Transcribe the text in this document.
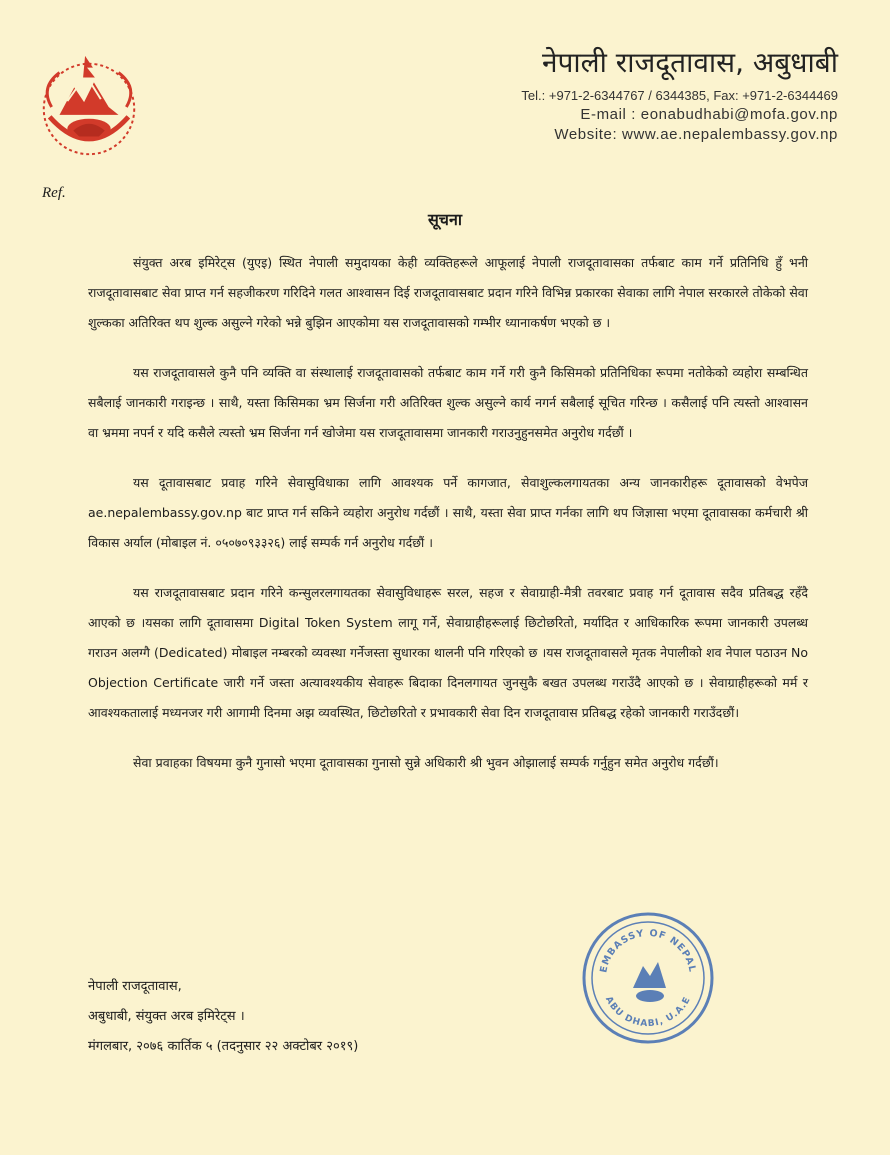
नेपाली राजदूतावास, अबुधाबी
Tel.: +971-2-6344767 / 6344385, Fax: +971-2-6344469
E-mail : eonabudhabi@mofa.gov.np
Website: www.ae.nepalembassy.gov.np
Ref.
सूचना

संयुक्त अरब इमिरेट्स (युएइ) स्थित नेपाली समुदायका केही व्यक्तिहरूले आफूलाई नेपाली राजदूतावासका तर्फबाट काम गर्ने प्रतिनिधि हुँ भनी राजदूतावासबाट सेवा प्राप्त गर्न सहजीकरण गरिदिने गलत आश्वासन दिई राजदूतावासबाट प्रदान गरिने विभिन्न प्रकारका सेवाका लागि नेपाल सरकारले तोकेको सेवा शुल्कका अतिरिक्त थप शुल्क असुल्ने गरेको भन्ने बुझिन आएकोमा यस राजदूतावासको गम्भीर ध्यानाकर्षण भएको छ ।

यस राजदूतावासले कुनै पनि व्यक्ति वा संस्थालाई राजदूतावासको तर्फबाट काम गर्ने गरी कुनै किसिमको प्रतिनिधिका रूपमा नतोकेको व्यहोरा सम्बन्धित सबैलाई जानकारी गराइन्छ । साथै, यस्ता किसिमका भ्रम सिर्जना गरी अतिरिक्त शुल्क असुल्ने कार्य नगर्न सबैलाई सूचित गरिन्छ । कसैलाई पनि त्यस्तो आश्वासन वा भ्रममा नपर्न र यदि कसैले त्यस्तो भ्रम सिर्जना गर्न खोजेमा यस राजदूतावासमा जानकारी गराउनुहुनसमेत अनुरोध गर्दछौं ।

यस दूतावासबाट प्रवाह गरिने सेवासुविधाका लागि आवश्यक पर्ने कागजात, सेवाशुल्कलगायतका अन्य जानकारीहरू दूतावासको वेभपेज ae.nepalembassy.gov.np बाट प्राप्त गर्न सकिने व्यहोरा अनुरोध गर्दछौं । साथै, यस्ता सेवा प्राप्त गर्नका लागि थप जिज्ञासा भएमा दूतावासका कर्मचारी श्री विकास अर्याल (मोबाइल नं. ०५०७०९३३२६) लाई सम्पर्क गर्न अनुरोध गर्दछौं ।

यस राजदूतावासबाट प्रदान गरिने कन्सुलरलगायतका सेवासुविधाहरू सरल, सहज र सेवाग्राही-मैत्री तवरबाट प्रवाह गर्न दूतावास सदैव प्रतिबद्ध रहँदै आएको छ ।यसका लागि दूतावासमा Digital Token System लागू गर्ने, सेवाग्राहीहरूलाई छिटोछरितो, मर्यादित र आधिकारिक रूपमा जानकारी उपलब्ध गराउन अलग्गै (Dedicated) मोबाइल नम्बरको व्यवस्था गर्नेजस्ता सुधारका थालनी पनि गरिएको छ ।यस राजदूतावासले मृतक नेपालीको शव नेपाल पठाउन No Objection Certificate जारी गर्ने जस्ता अत्यावश्यकीय सेवाहरू बिदाका दिनलगायत जुनसुकै बखत उपलब्ध गराउँदै आएको छ । सेवाग्राहीहरूको मर्म र आवश्यकतालाई मध्यनजर गरी आगामी दिनमा अझ व्यवस्थित, छिटोछरितो र प्रभावकारी सेवा दिन राजदूतावास प्रतिबद्ध रहेको जानकारी गराउँदछौं।

सेवा प्रवाहका विषयमा कुनै गुनासो भएमा दूतावासका गुनासो सुन्ने अधिकारी श्री भुवन ओझालाई सम्पर्क गर्नुहुन समेत अनुरोध गर्दछौं।

EMBASSY OF NEPAL
ABU DHABI, U.A.E
नेपाली राजदूतावास,
अबुधाबी, संयुक्त अरब इमिरेट्स ।
मंगलबार, २०७६ कार्तिक ५ (तदनुसार २२ अक्टोबर २०१९)
